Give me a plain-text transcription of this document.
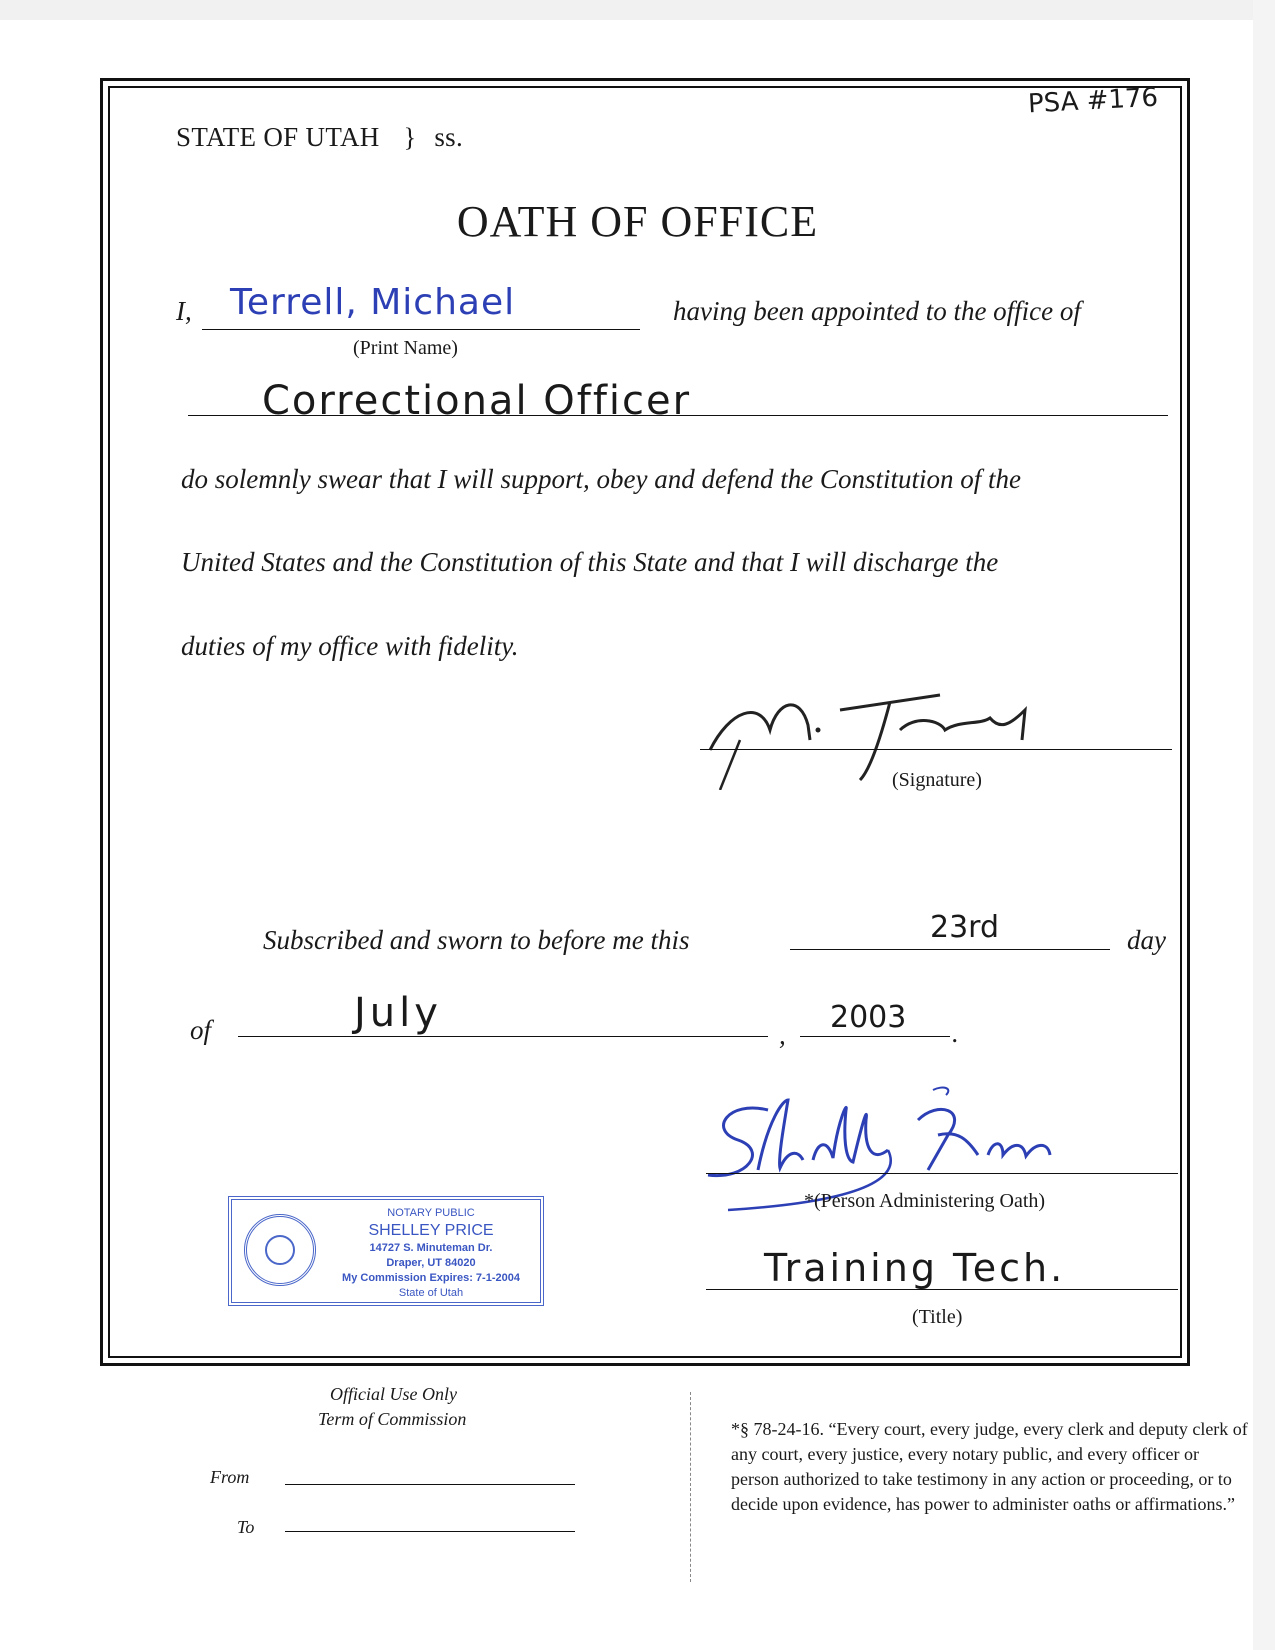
PSA #176
STATE OF UTAH } ss.
OATH OF OFFICE
I, Terrell, Michael
(Print Name)
having been appointed to the office of
Correctional Officer
do solemnly swear that I will support, obey and defend the Constitution of the
United States and the Constitution of this State and that I will discharge the
duties of my office with fidelity.
(Signature)
Subscribed and sworn to before me this	23rd	day
of	July	, 2003 .
*(Person Administering Oath)
NOTARY PUBLIC
SHELLEY PRICE
14727 S. Minuteman Dr.
Draper, UT 84020
My Commission Expires: 7-1-2004
State of Utah
Training Tech.
(Title)
Official Use Only
Term of Commission
From
To
*§ 78-24-16. “Every court, every judge, every clerk and deputy clerk of any court, every justice, every notary public, and every officer or person authorized to take testimony in any action or proceeding, or to decide upon evidence, has power to administer oaths or affirmations.”
